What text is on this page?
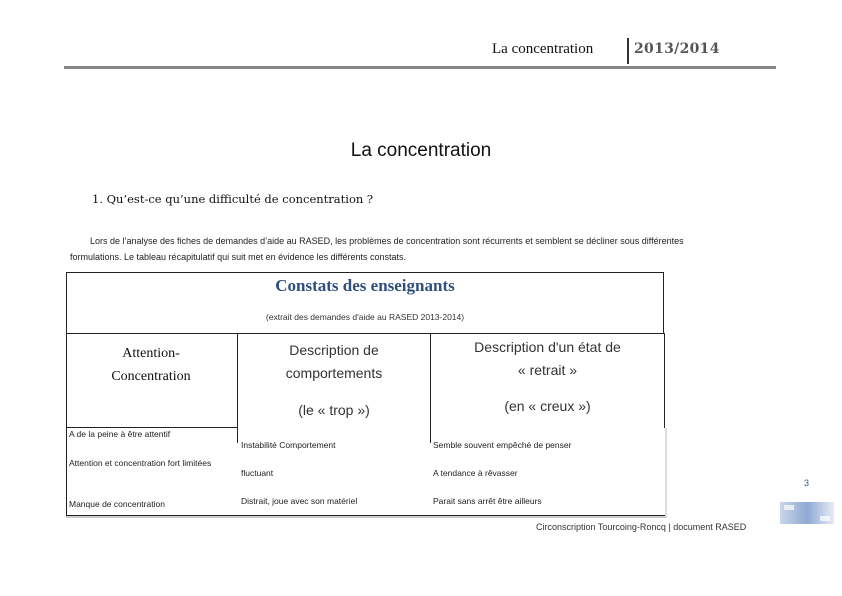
La concentration	2013/2014
La concentration
1. Qu’est-ce qu’une difficulté de concentration ?
Lors de l’analyse des fiches de demandes d’aide au RASED, les problèmes de concentration sont récurrents et semblent se décliner sous différentes
formulations. Le tableau récapitulatif qui suit met en évidence les différents constats.
Constats des enseignants
(extrait des demandes d'aide au RASED 2013-2014)
Attention-
Concentration
Description de
comportements
(le « trop »)
Description d'un état de
« retrait »
(en « creux »)
A de la peine à être attentif
Attention et concentration fort limitées
Manque de concentration
Instabilité Comportement
fluctuant
Distrait, joue avec son matériel
Semble souvent empêché de penser
A tendance à rêvasser
Parait sans arrêt être ailleurs
3
Circonscription Tourcoing-Roncq | document RASED
